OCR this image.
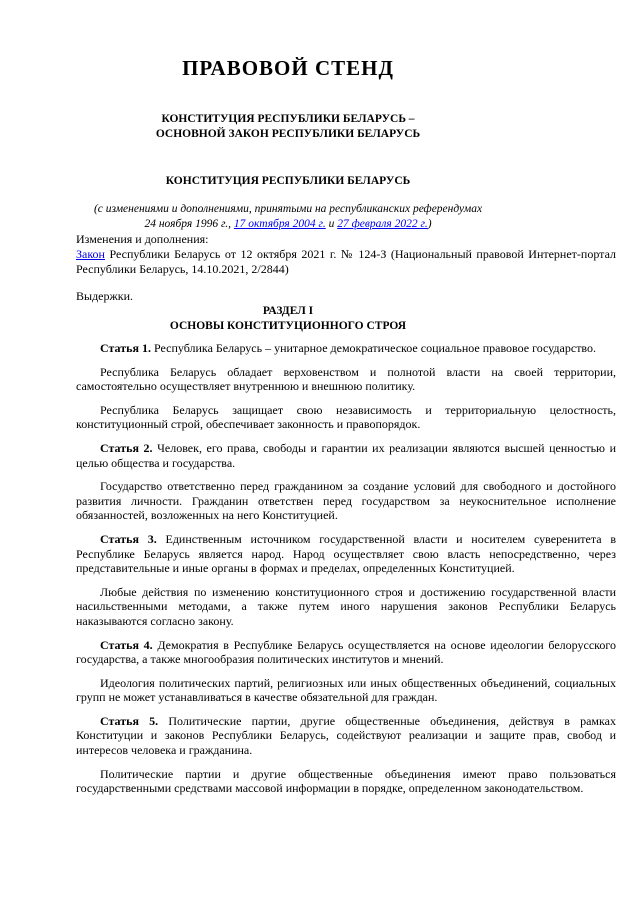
ПРАВОВОЙ СТЕНД
КОНСТИТУЦИЯ РЕСПУБЛИКИ БЕЛАРУСЬ –
ОСНОВНОЙ ЗАКОН РЕСПУБЛИКИ БЕЛАРУСЬ
КОНСТИТУЦИЯ РЕСПУБЛИКИ БЕЛАРУСЬ
(с изменениями и дополнениями, принятыми на республиканских референдумах
24 ноября 1996 г., 17 октября 2004 г. и 27 февраля 2022 г.)
Изменения и дополнения:

Закон Республики Беларусь от 12 октября 2021 г. № 124-З (Национальный правовой Интернет-портал Республики Беларусь, 14.10.2021, 2/2844)

Выдержки.
РАЗДЕЛ I
ОСНОВЫ КОНСТИТУЦИОННОГО СТРОЯ

Статья 1. Республика Беларусь – унитарное демократическое социальное правовое государство.

Республика Беларусь обладает верховенством и полнотой власти на своей территории, самостоятельно осуществляет внутреннюю и внешнюю политику.

Республика Беларусь защищает свою независимость и территориальную целостность, конституционный строй, обеспечивает законность и правопорядок.

Статья 2. Человек, его права, свободы и гарантии их реализации являются высшей ценностью и целью общества и государства.

Государство ответственно перед гражданином за создание условий для свободного и достойного развития личности. Гражданин ответствен перед государством за неукоснительное исполнение обязанностей, возложенных на него Конституцией.

Статья 3. Единственным источником государственной власти и носителем суверенитета в Республике Беларусь является народ. Народ осуществляет свою власть непосредственно, через представительные и иные органы в формах и пределах, определенных Конституцией.

Любые действия по изменению конституционного строя и достижению государственной власти насильственными методами, а также путем иного нарушения законов Республики Беларусь наказываются согласно закону.

Статья 4. Демократия в Республике Беларусь осуществляется на основе идеологии белорусского государства, а также многообразия политических институтов и мнений.

Идеология политических партий, религиозных или иных общественных объединений, социальных групп не может устанавливаться в качестве обязательной для граждан.

Статья 5. Политические партии, другие общественные объединения, действуя в рамках Конституции и законов Республики Беларусь, содействуют реализации и защите прав, свобод и интересов человека и гражданина.

Политические партии и другие общественные объединения имеют право пользоваться государственными средствами массовой информации в порядке, определенном законодательством.
